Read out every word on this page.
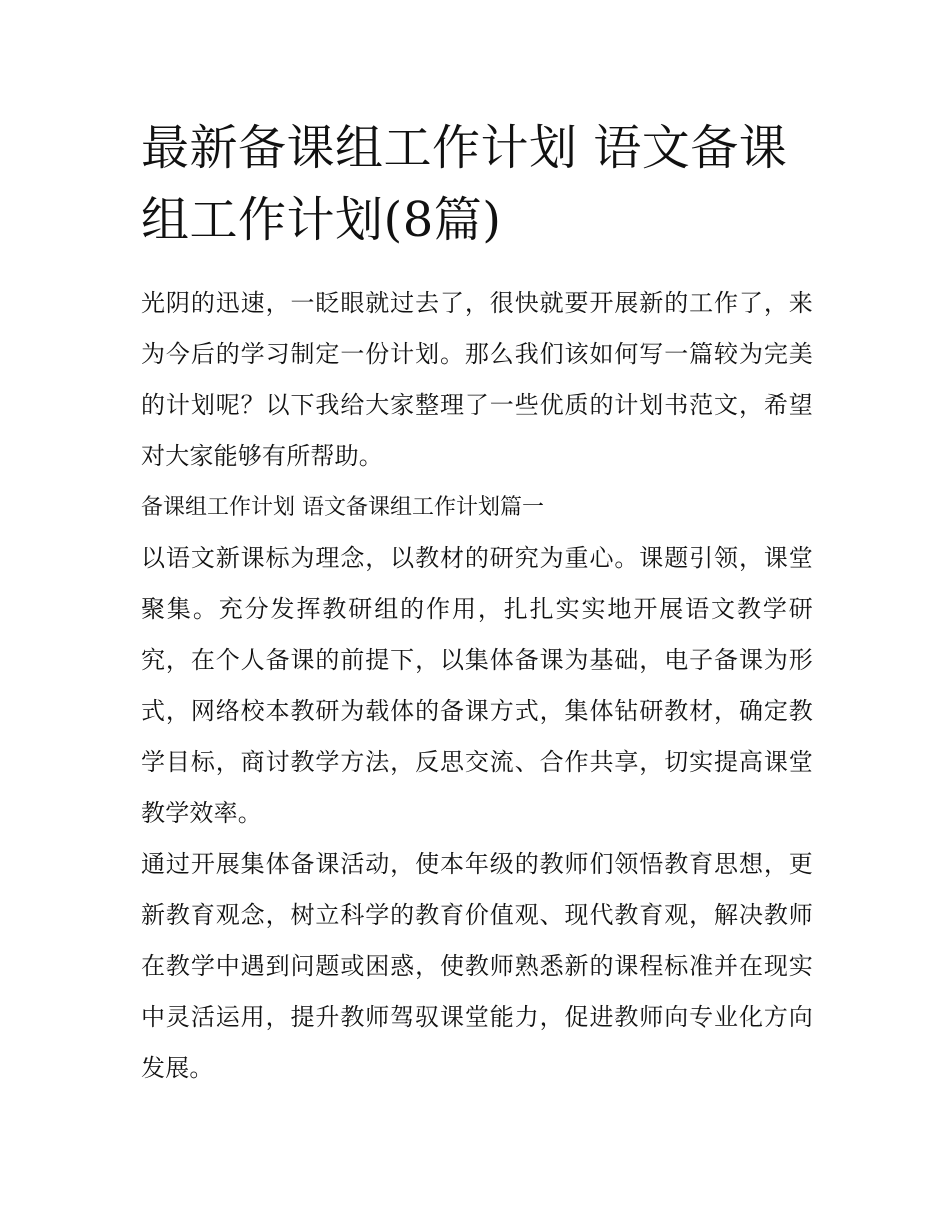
最新备课组工作计划 语文备课组工作计划(8篇)

光阴的迅速，一眨眼就过去了，很快就要开展新的工作了，来为今后的学习制定一份计划。那么我们该如何写一篇较为完美的计划呢？以下我给大家整理了一些优质的计划书范文，希望对大家能够有所帮助。

备课组工作计划 语文备课组工作计划篇一

以语文新课标为理念，以教材的研究为重心。课题引领，课堂聚集。充分发挥教研组的作用，扎扎实实地开展语文教学研究，在个人备课的前提下，以集体备课为基础，电子备课为形式，网络校本教研为载体的备课方式，集体钻研教材，确定教学目标，商讨教学方法，反思交流、合作共享，切实提高课堂教学效率。

通过开展集体备课活动，使本年级的教师们领悟教育思想，更新教育观念，树立科学的教育价值观、现代教育观，解决教师在教学中遇到问题或困惑，使教师熟悉新的课程标准并在现实中灵活运用，提升教师驾驭课堂能力，促进教师向专业化方向发展。
